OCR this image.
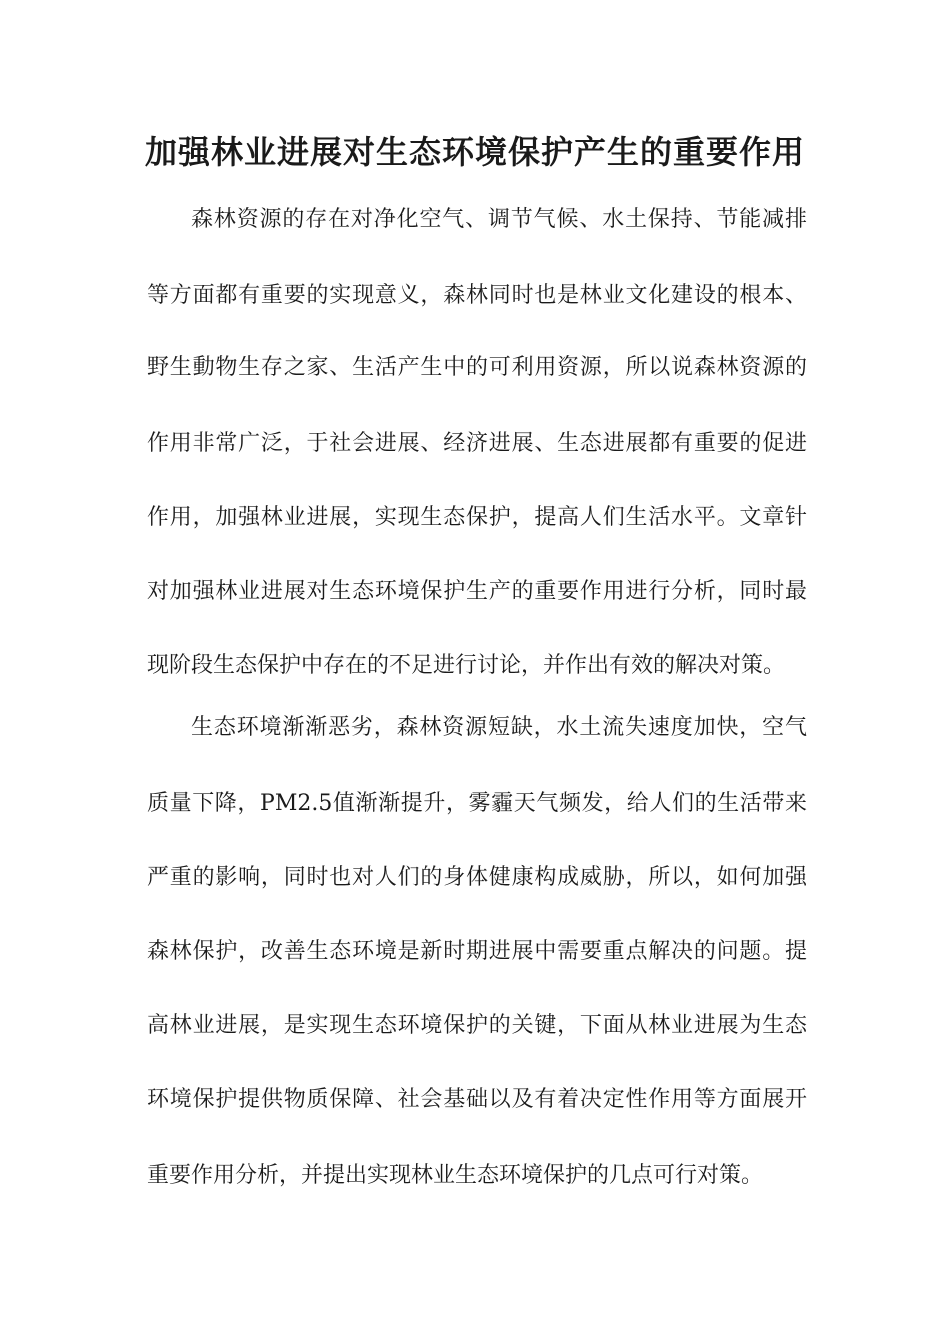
加强林业进展对生态环境保护产生的重要作用
森林资源的存在对净化空气、调节气候、水土保持、节能减排
等方面都有重要的实现意义，森林同时也是林业文化建设的根本、
野生動物生存之家、生活产生中的可利用资源，所以说森林资源的
作用非常广泛，于社会进展、经济进展、生态进展都有重要的促进
作用，加强林业进展，实现生态保护，提高人们生活水平。文章针
对加强林业进展对生态环境保护生产的重要作用进行分析，同时最
现阶段生态保护中存在的不足进行讨论，并作出有效的解决对策。
生态环境渐渐恶劣，森林资源短缺，水土流失速度加快，空气
质量下降，PM2.5值渐渐提升，雾霾天气频发，给人们的生活带来
严重的影响，同时也对人们的身体健康构成威胁，所以，如何加强
森林保护，改善生态环境是新时期进展中需要重点解决的问题。提
高林业进展，是实现生态环境保护的关键，下面从林业进展为生态
环境保护提供物质保障、社会基础以及有着决定性作用等方面展开
重要作用分析，并提出实现林业生态环境保护的几点可行对策。
